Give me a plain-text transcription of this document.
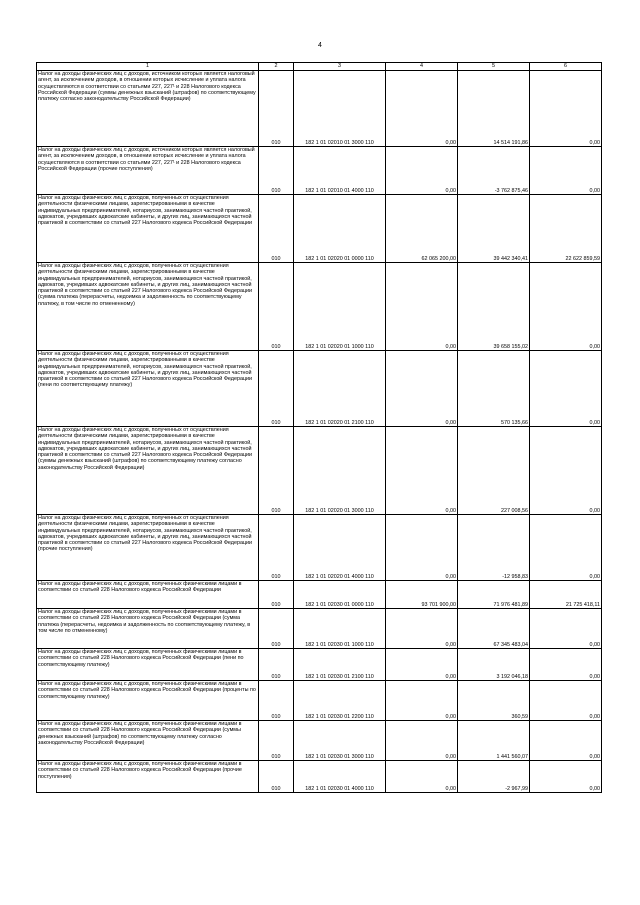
4
1	2	3	4	5	6
Налог на доходы физических лиц с доходов, источником которых является налоговый агент, за исключением доходов, в отношении которых исчисление и уплата налога осуществляются в соответствии со статьями 227, 227¹ и 228 Налогового кодекса Российской Федерации (суммы денежных взысканий (штрафов) по соответствующему платежу согласно законодательству Российской Федерации)	010	182 1 01 02010 01 3000 110	0,00	14 514 191,86	0,00
Налог на доходы физических лиц с доходов, источником которых является налоговый агент, за исключением доходов, в отношении которых исчисление и уплата налога осуществляются в соответствии со статьями 227, 227¹ и 228 Налогового кодекса Российской Федерации (прочие поступления)	010	182 1 01 02010 01 4000 110	0,00	-3 762 875,46	0,00
Налог на доходы физических лиц с доходов, полученных от осуществления деятельности физическими лицами, зарегистрированными в качестве индивидуальных предпринимателей, нотариусов, занимающихся частной практикой, адвокатов, учредивших адвокатские кабинеты, и других лиц, занимающихся частной практикой в соответствии со статьей 227 Налогового кодекса Российской Федерации	010	182 1 01 02020 01 0000 110	62 065 200,00	39 442 340,41	22 622 859,59
Налог на доходы физических лиц с доходов, полученных от осуществления деятельности физическими лицами, зарегистрированными в качестве индивидуальных предпринимателей, нотариусов, занимающихся частной практикой, адвокатов, учредивших адвокатские кабинеты, и других лиц, занимающихся частной практикой в соответствии со статьей 227 Налогового кодекса Российской Федерации (сумма платежа (перерасчеты, недоимка и задолженность по соответствующему платежу, в том числе по отмененному)	010	182 1 01 02020 01 1000 110	0,00	39 658 155,02	0,00
Налог на доходы физических лиц с доходов, полученных от осуществления деятельности физическими лицами, зарегистрированными в качестве индивидуальных предпринимателей, нотариусов, занимающихся частной практикой, адвокатов, учредивших адвокатские кабинеты, и других лиц, занимающихся частной практикой в соответствии со статьей 227 Налогового кодекса Российской Федерации (пени по соответствующему платежу)	010	182 1 01 02020 01 2100 110	0,00	570 135,66	0,00
Налог на доходы физических лиц с доходов, полученных от осуществления деятельности физическими лицами, зарегистрированными в качестве индивидуальных предпринимателей, нотариусов, занимающихся частной практикой, адвокатов, учредивших адвокатские кабинеты, и других лиц, занимающихся частной практикой в соответствии со статьей 227 Налогового кодекса Российской Федерации (суммы денежных взысканий (штрафов) по соответствующему платежу согласно законодательству Российской Федерации)	010	182 1 01 02020 01 3000 110	0,00	227 008,56	0,00
Налог на доходы физических лиц с доходов, полученных от осуществления деятельности физическими лицами, зарегистрированными в качестве индивидуальных предпринимателей, нотариусов, занимающихся частной практикой, адвокатов, учредивших адвокатские кабинеты, и других лиц, занимающихся частной практикой в соответствии со статьей 227 Налогового кодекса Российской Федерации (прочие поступления)	010	182 1 01 02020 01 4000 110	0,00	-12 958,83	0,00
Налог на доходы физических лиц с доходов, полученных физическими лицами в соответствии со статьей 228 Налогового кодекса Российской Федерации	010	182 1 01 02030 01 0000 110	93 701 900,00	71 976 481,89	21 725 418,11
Налог на доходы физических лиц с доходов, полученных физическими лицами в соответствии со статьей 228 Налогового кодекса Российской Федерации (сумма платежа (перерасчеты, недоимка и задолженность по соответствующему платежу, в том числе по отмененному)	010	182 1 01 02030 01 1000 110	0,00	67 345 483,04	0,00
Налог на доходы физических лиц с доходов, полученных физическими лицами в соответствии со статьей 228 Налогового кодекса Российской Федерации (пени по соответствующему платежу)	010	182 1 01 02030 01 2100 110	0,00	3 192 046,18	0,00
Налог на доходы физических лиц с доходов, полученных физическими лицами в соответствии со статьей 228 Налогового кодекса Российской Федерации (проценты по соответствующему платежу)	010	182 1 01 02030 01 2200 110	0,00	360,59	0,00
Налог на доходы физических лиц с доходов, полученных физическими лицами в соответствии со статьей 228 Налогового кодекса Российской Федерации (суммы денежных взысканий (штрафов) по соответствующему платежу согласно законодательству Российской Федерации)	010	182 1 01 02030 01 3000 110	0,00	1 441 560,07	0,00
Налог на доходы физических лиц с доходов, полученных физическими лицами в соответствии со статьей 228 Налогового кодекса Российской Федерации (прочие поступления)	010	182 1 01 02030 01 4000 110	0,00	-2 967,99	0,00
